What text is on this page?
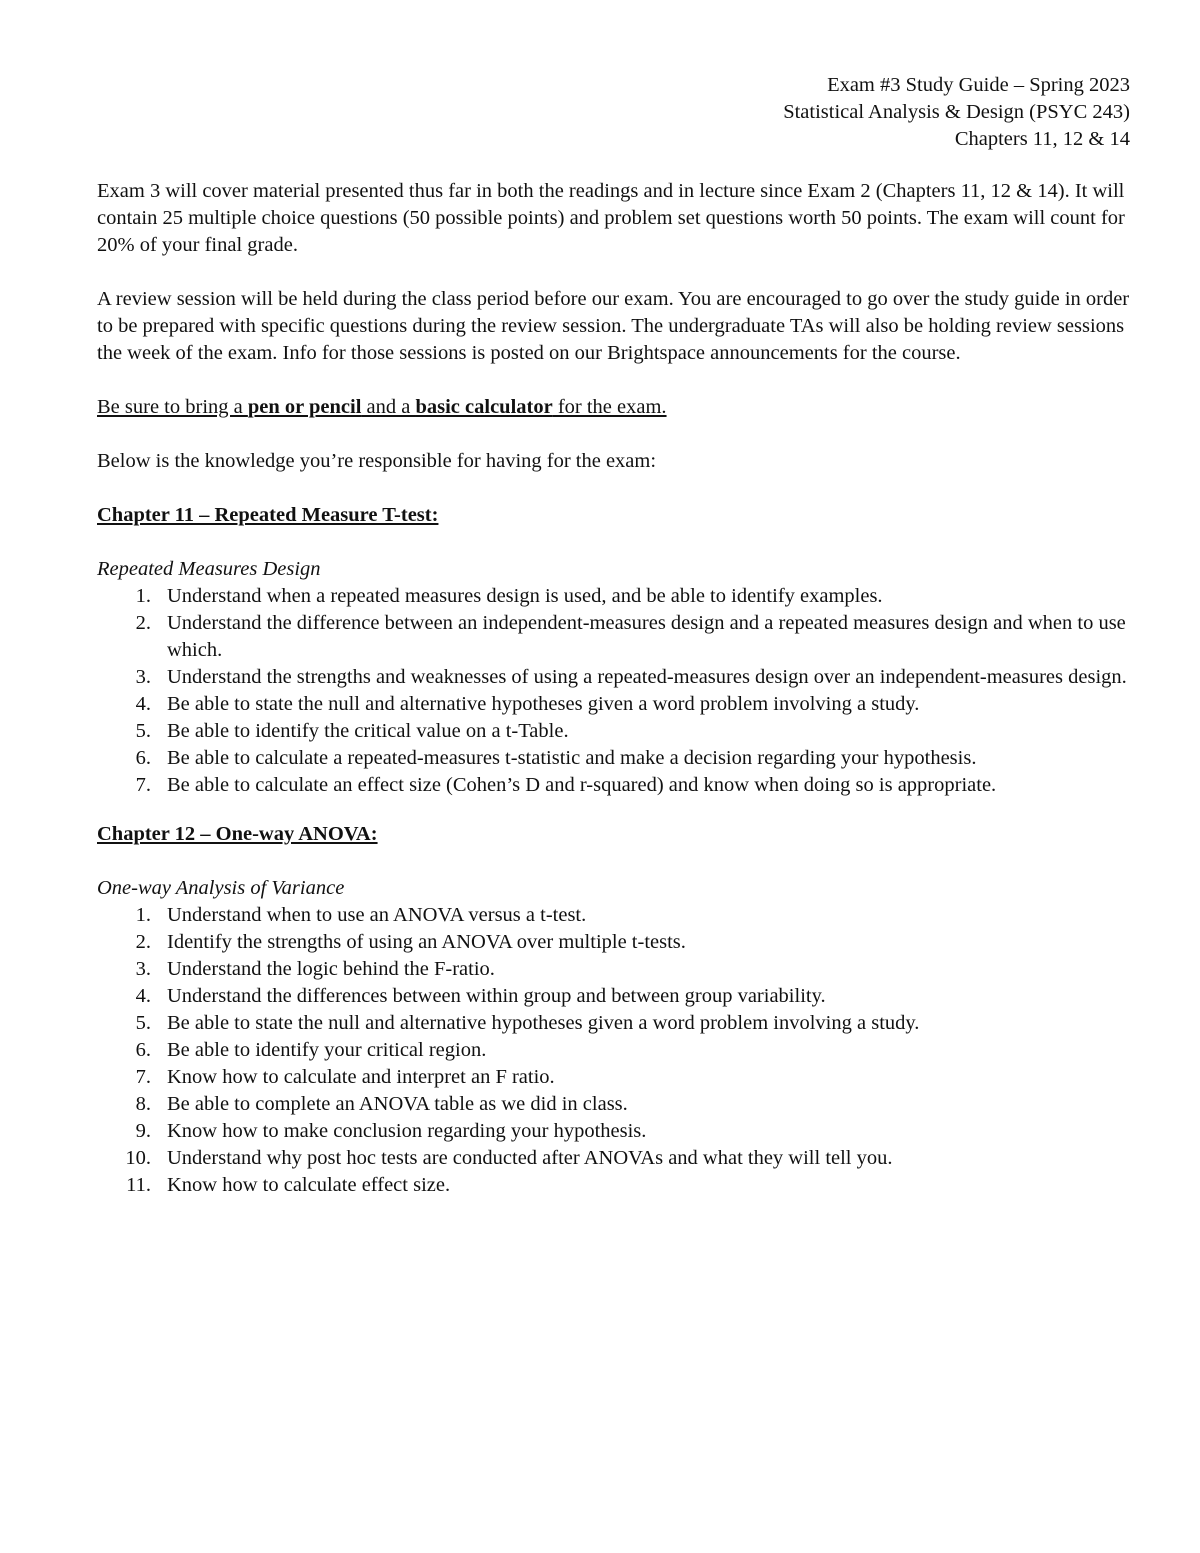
Exam #3 Study Guide – Spring 2023
Statistical Analysis & Design (PSYC 243)
Chapters 11, 12 & 14

Exam 3 will cover material presented thus far in both the readings and in lecture since Exam 2 (Chapters 11, 12 & 14). It will contain 25 multiple choice questions (50 possible points) and problem set questions worth 50 points. The exam will count for 20% of your final grade.

A review session will be held during the class period before our exam. You are encouraged to go over the study guide in order to be prepared with specific questions during the review session. The undergraduate TAs will also be holding review sessions the week of the exam. Info for those sessions is posted on our Brightspace announcements for the course.

Be sure to bring a pen or pencil and a basic calculator for the exam.

Below is the knowledge you’re responsible for having for the exam:

Chapter 11 – Repeated Measure T-test:

Repeated Measures Design

1. Understand when a repeated measures design is used, and be able to identify examples.
2. Understand the difference between an independent-measures design and a repeated measures design and when to use which.
3. Understand the strengths and weaknesses of using a repeated-measures design over an independent-measures design.
4. Be able to state the null and alternative hypotheses given a word problem involving a study.
5. Be able to identify the critical value on a t-Table.
6. Be able to calculate a repeated-measures t-statistic and make a decision regarding your hypothesis.
7. Be able to calculate an effect size (Cohen’s D and r-squared) and know when doing so is appropriate.

Chapter 12 – One-way ANOVA:

One-way Analysis of Variance

1. Understand when to use an ANOVA versus a t-test.
2. Identify the strengths of using an ANOVA over multiple t-tests.
3. Understand the logic behind the F-ratio.
4. Understand the differences between within group and between group variability.
5. Be able to state the null and alternative hypotheses given a word problem involving a study.
6. Be able to identify your critical region.
7. Know how to calculate and interpret an F ratio.
8. Be able to complete an ANOVA table as we did in class.
9. Know how to make conclusion regarding your hypothesis.
10. Understand why post hoc tests are conducted after ANOVAs and what they will tell you.
11. Know how to calculate effect size.
